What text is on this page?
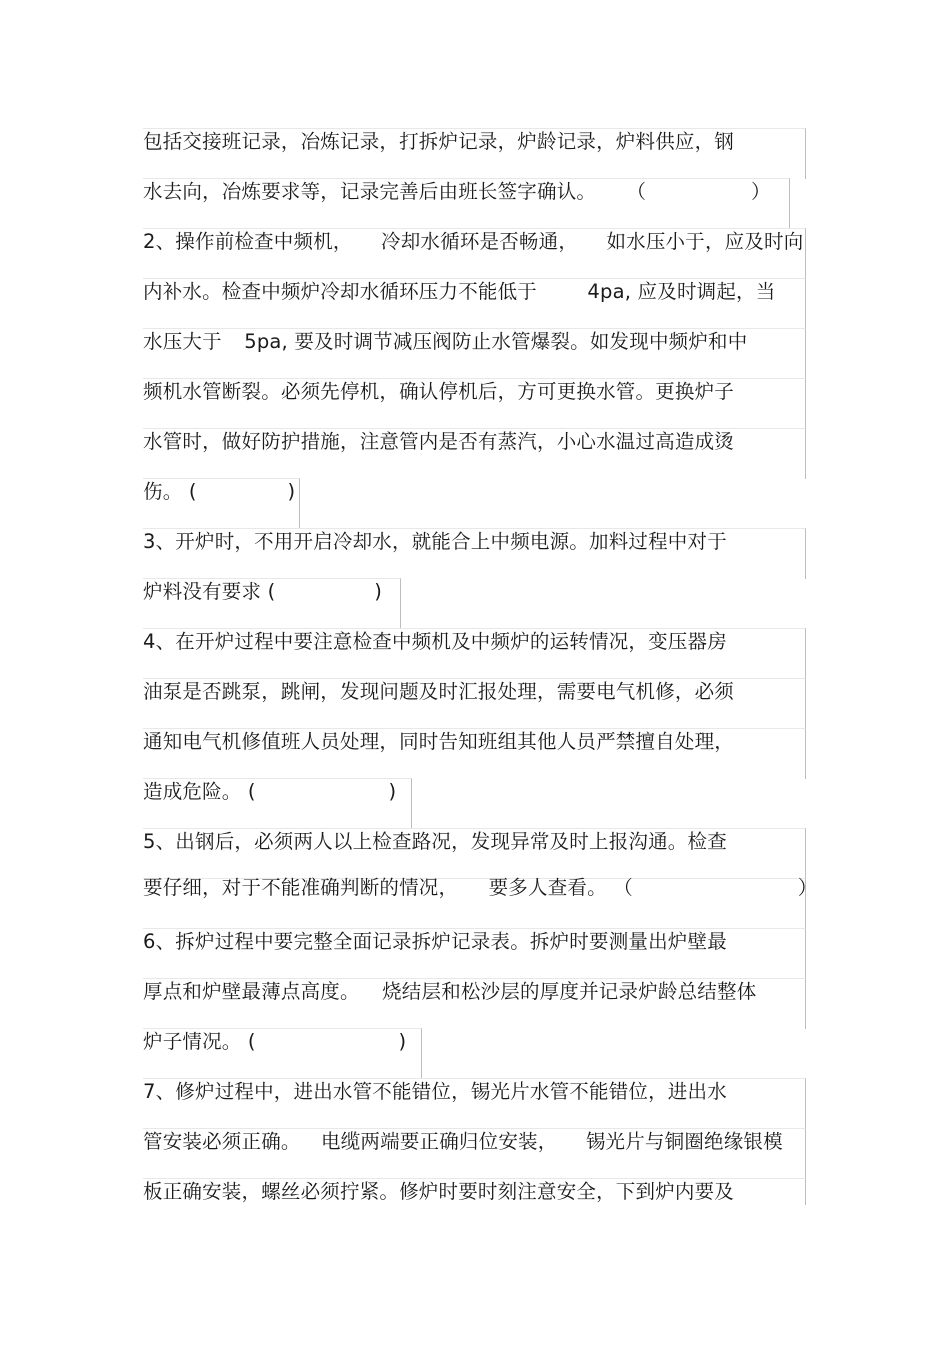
包括交接班记录，冶炼记录，打拆炉记录，炉龄记录，炉料供应，钢
水去向，冶炼要求等，记录完善后由班长签字确认。 （	）
2、操作前检查中频机， 冷却水循环是否畅通， 如水压小于，应及时向
内补水。检查中频炉冷却水循环压力不能低于	4pa, 应及时调起，当
水压大于 5pa, 要及时调节减压阀防止水管爆裂。如发现中频炉和中
频机水管断裂。必须先停机，确认停机后，方可更换水管。更换炉子
水管时，做好防护措施，注意管内是否有蒸汽，小心水温过高造成烫
伤。 (	)
3、开炉时，不用开启冷却水，就能合上中频电源。加料过程中对于
炉料没有要求 (	)
4、在开炉过程中要注意检查中频机及中频炉的运转情况，变压器房
油泵是否跳泵，跳闸，发现问题及时汇报处理，需要电气机修，必须
通知电气机修值班人员处理，同时告知班组其他人员严禁擅自处理，
造成危险。 (	)
5、出钢后，必须两人以上检查路况，发现异常及时上报沟通。检查
要仔细，对于不能准确判断的情况， 要多人查看。 （	）
6、拆炉过程中要完整全面记录拆炉记录表。拆炉时要测量出炉壁最
厚点和炉壁最薄点高度。 烧结层和松沙层的厚度并记录炉龄总结整体
炉子情况。 (	)
7、修炉过程中，进出水管不能错位，锡光片水管不能错位，进出水
管安装必须正确。 电缆两端要正确归位安装， 锡光片与铜圈绝缘银模
板正确安装，螺丝必须拧紧。修炉时要时刻注意安全，下到炉内要及
